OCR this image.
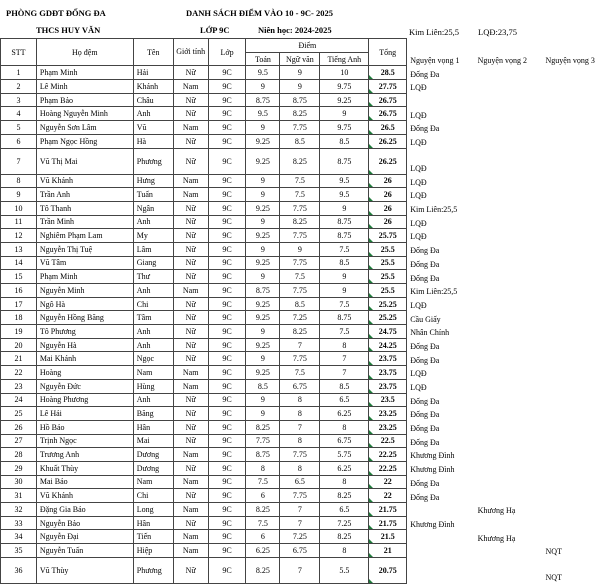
PHÒNG GDĐT ĐỐNG ĐA
THCS HUY VĂN
DANH SÁCH ĐIỂM VÀO 10 - 9C- 2025
LỚP 9C	Niên học: 2024-2025	Kim Liên:25,5 LQĐ:23,75
STT	Họ đệm	Tên	Giới tính	Lớp	Điểm			Tổng			
					Toán	Ngữ văn	Tiếng Anh		Nguyện vọng 1	Nguyện vọng 2	Nguyện vọng 3
1	Phạm Minh	Hải	Nữ	9C	9.5	9	10	28.5	Đống Đa		
2	Lê Minh	Khánh	Nam	9C	9	9	9.75	27.75	LQĐ		
3	Phạm Bảo	Châu	Nữ	9C	8.75	8.75	9.25	26.75			
4	Hoàng Nguyễn Minh	Anh	Nữ	9C	9.5	8.25	9	26.75	LQĐ		
5	Nguyễn Sơn Lâm	Vũ	Nam	9C	9	7.75	9.75	26.5	Đống Đa		
6	Phạm Ngọc Hồng	Hà	Nữ	9C	9.25	8.5	8.5	26.25	LQĐ		
7	Vũ Thị Mai	Phương	Nữ	9C	9.25	8.25	8.75	26.25	LQĐ		
8	Vũ Khánh	Hưng	Nam	9C	9	7.5	9.5	26	LQĐ		
9	Trần Anh	Tuấn	Nam	9C	9	7.5	9.5	26	LQĐ		
10	Tô Thanh	Ngân	Nữ	9C	9.25	7.75	9	26	Kim Liên:25,5		
11	Trần Minh	Anh	Nữ	9C	9	8.25	8.75	26	LQĐ		
12	Nghiêm Phạm Lam	My	Nữ	9C	9.25	7.75	8.75	25.75	LQĐ		
13	Nguyễn Thị Tuệ	Lâm	Nữ	9C	9	9	7.5	25.5	Đống Đa		
14	Vũ Tâm	Giang	Nữ	9C	9.25	7.75	8.5	25.5	Đống Đa		
15	Phạm Minh	Thư	Nữ	9C	9	7.5	9	25.5	Đống Đa		
16	Nguyễn Minh	Anh	Nam	9C	8.75	7.75	9	25.5	Kim Liên:25,5		
17	Ngô Hà	Chi	Nữ	9C	9.25	8.5	7.5	25.25	LQĐ		
18	Nguyễn Hồng Băng	Tâm	Nữ	9C	9.25	7.25	8.75	25.25	Cầu Giấy		
19	Tô Phương	Anh	Nữ	9C	9	8.25	7.5	24.75	Nhân Chính		
20	Nguyễn Hà	Anh	Nữ	9C	9.25	7	8	24.25	Đống Đa		
21	Mai Khánh	Ngọc	Nữ	9C	9	7.75	7	23.75	Đống Đa		
22	Hoàng	Nam	Nam	9C	9.25	7.5	7	23.75	LQĐ		
23	Nguyễn Đức	Hùng	Nam	9C	8.5	6.75	8.5	23.75	LQĐ		
24	Hoàng Phương	Anh	Nữ	9C	9	8	6.5	23.5	Đống Đa		
25	Lê Hải	Băng	Nữ	9C	9	8	6.25	23.25	Đống Đa		
26	Hồ Bảo	Hân	Nữ	9C	8.25	7	8	23.25	Đống Đa		
27	Trịnh Ngọc	Mai	Nữ	9C	7.75	8	6.75	22.5	Đống Đa		
28	Trương Anh	Dương	Nam	9C	8.75	7.75	5.75	22.25	Khương Đình		
29	Khuất Thùy	Dương	Nữ	9C	8	8	6.25	22.25	Khương Đình		
30	Mai Bảo	Nam	Nam	9C	7.5	6.5	8	22	Đống Đa		
31	Vũ Khánh	Chi	Nữ	9C	6	7.75	8.25	22	Đống Đa		
32	Đặng Gia Bảo	Long	Nam	9C	8.25	7	6.5	21.75		Khương Hạ	
33	Nguyễn Bảo	Hân	Nữ	9C	7.5	7	7.25	21.75	Khương Đình		
34	Nguyễn Đại	Tiến	Nam	9C	6	7.25	8.25	21.5		Khương Hạ	
35	Nguyễn Tuấn	Hiệp	Nam	9C	6.25	6.75	8	21			NQT
36	Vũ Thùy	Phương	Nữ	9C	8.25	7	5.5	20.75			NQT
